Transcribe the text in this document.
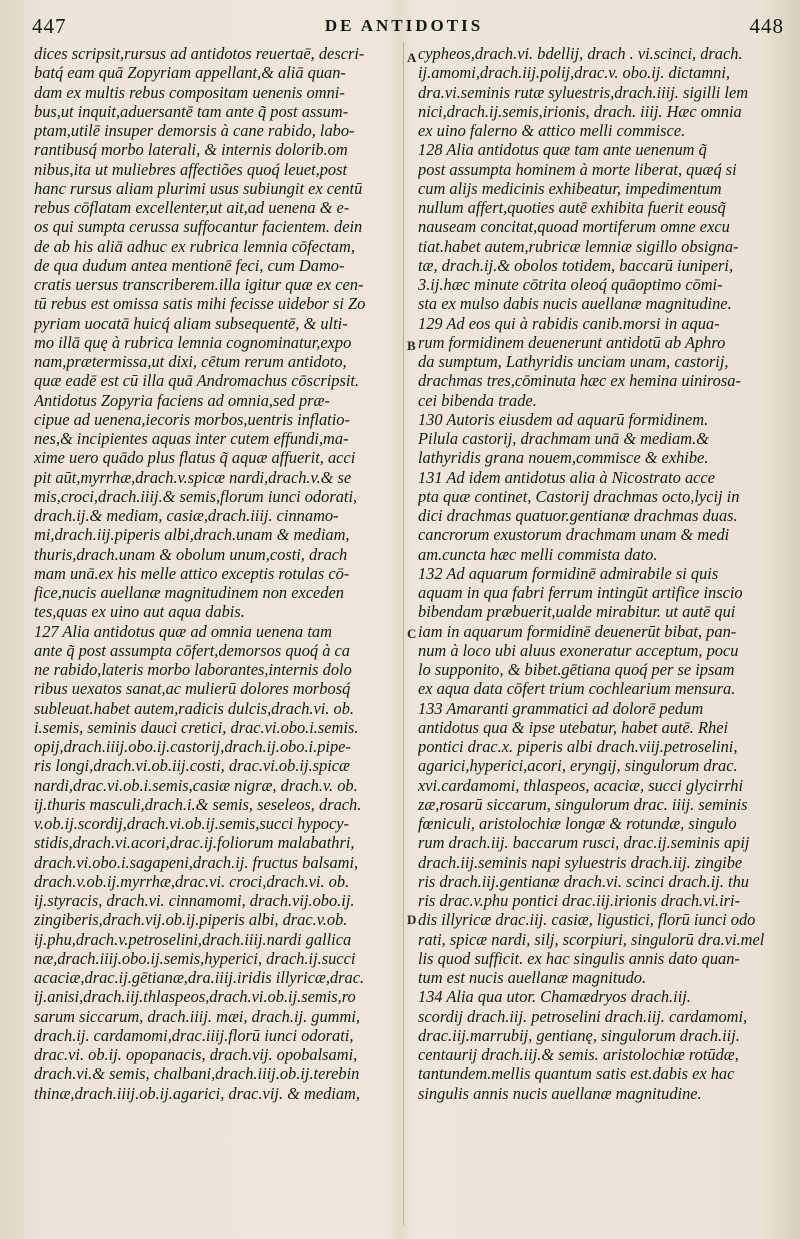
447	DE ANTIDOTIS	448
A
B
C
D
dices scripsit,rursus ad antidotos reuertaē, descri-
batq́ eam quā Zopyriam appellant,& aliā quan-
dam ex multis rebus compositam uenenis omni-
bus,ut inquit,aduersantē tam ante q̃ post assum-
ptam,utilē insuper demorsis à cane rabido, labo-
rantibusq́ morbo laterali, & internis dolorib.om
nibus,ita ut muliebres affectiões quoq́ leuet,post
hanc rursus aliam plurimi usus subiungit ex centū
rebus cōflatam excellenter,ut ait,ad uenena & e-
os qui sumpta cerussa suffocantur facientem. dein
de ab his aliā adhuc ex rubrica lemnia cōfectam,
de qua dudum antea mentionē feci, cum Damo-
cratis uersus transcriberem.illa igitur quæ ex cen-
tū rebus est omissa satis mihi fecisse uidebor si Zo
pyriam uocatā huicq́ aliam subsequentē, & ulti-
mo illā quę à rubrica lemnia cognominatur,expo
nam,prætermissa,ut dixi, cētum rerum antidoto,
quæ eadē est cū illa quā Andromachus cōscripsit.
Antidotus Zopyria faciens ad omnia,sed præ-
cipue ad uenena,iecoris morbos,uentris inflatio-
nes,& incipientes aquas inter cutem effundi,ma-
xime uero quādo plus flatus q̃ aquæ affuerit, acci
pit aūt,myrrhæ,drach.v.spicæ nardi,drach.v.& se
mis,croci,drach.iiij.& semis,florum iunci odorati,
drach.ij.& mediam, casiæ,drach.iiij. cinnamo-
mi,drach.iij.piperis albi,drach.unam & mediam,
thuris,drach.unam & obolum unum,costi, drach
mam unā.ex his melle attico exceptis rotulas cō-
fice,nucis auellanæ magnitudinem non exceden
tes,quas ex uino aut aqua dabis.
127 Alia antidotus quæ ad omnia uenena tam
ante q̃ post assumpta cōfert,demorsos quoq́ à ca
ne rabido,lateris morbo laborantes,internis dolo
ribus uexatos sanat,ac mulierū dolores morbosq́
subleuat.habet autem,radicis dulcis,drach.vi. ob.
i.semis, seminis dauci cretici, drac.vi.obo.i.semis.
opij,drach.iiij.obo.ij.castorij,drach.ij.obo.i.pipe-
ris longi,drach.vi.ob.iij.costi, drac.vi.ob.ij.spicæ
nardi,drac.vi.ob.i.semis,casiæ nigræ, drach.v. ob.
ij.thuris masculi,drach.i.& semis, seseleos, drach.
v.ob.ij.scordij,drach.vi.ob.ij.semis,succi hypocy-
stidis,drach.vi.acori,drac.ij.foliorum malabathri,
drach.vi.obo.i.sagapeni,drach.ij. fructus balsami,
drach.v.ob.ij.myrrhæ,drac.vi. croci,drach.vi. ob.
ij.styracis, drach.vi. cinnamomi, drach.vij.obo.ij.
zingiberis,drach.vij.ob.ij.piperis albi, drac.v.ob.
ij.phu,drach.v.petroselini,drach.iiij.nardi gallica
næ,drach.iiij.obo.ij.semis,hyperici, drach.ij.succi
acaciæ,drac.ij.gētianæ,dra.iiij.iridis illyricæ,drac.
ij.anisi,drach.iij.thlaspeos,drach.vi.ob.ij.semis,ro
sarum siccarum, drach.iiij. mæi, drach.ij. gummi,
drach.ij. cardamomi,drac.iiij.florū iunci odorati,
drac.vi. ob.ij. opopanacis, drach.vij. opobalsami,
drach.vi.& semis, chalbani,drach.iiij.ob.ij.terebin
thinæ,drach.iiij.ob.ij.agarici, drac.vij. & mediam,
cypheos,drach.vi. bdellij, drach . vi.scinci, drach.
ij.amomi,drach.iij.polij,drac.v. obo.ij. dictamni,
dra.vi.seminis rutæ syluestris,drach.iiij. sigilli lem
nici,drach.ij.semis,irionis, drach. iiij. Hæc omnia
ex uino falerno & attico melli commisce.
128 Alia antidotus quæ tam ante uenenum q̃
post assumpta hominem à morte liberat, quæq́ si
cum alijs medicinis exhibeatur, impedimentum
nullum affert,quoties autē exhibita fuerit eousq̃
nauseam concitat,quoad mortiferum omne excu
tiat.habet autem,rubricæ lemniæ sigillo obsigna-
tæ, drach.ij.& obolos totidem, baccarū iuniperi,
3.ij.hæc minute cōtrita oleoq́ quāoptimo cōmi-
sta ex mulso dabis nucis auellanæ magnitudine.
129 Ad eos qui à rabidis canib.morsi in aqua-
rum formidinem deuenerunt antidotū ab Aphro
da sumptum, Lathyridis unciam unam, castorij,
drachmas tres,cōminuta hæc ex hemina uinirosa-
cei bibenda trade.
130 Autoris eiusdem ad aquarū formidinem.
Pilula castorij, drachmam unā & mediam.&
lathyridis grana nouem,commisce & exhibe.
131 Ad idem antidotus alia à Nicostrato acce
pta quæ continet, Castorij drachmas octo,lycij in
dici drachmas quatuor.gentianæ drachmas duas.
cancrorum exustorum drachmam unam & medi
am.cuncta hæc melli commista dato.
132 Ad aquarum formidinē admirabile si quis
aquam in qua fabri ferrum intingūt artifice inscio
bibendam præbuerit,ualde mirabitur. ut autē qui
iam in aquarum formidinē deuenerūt bibat, pan-
num à loco ubi aluus exoneratur acceptum, pocu
lo supponito, & bibet.gētiana quoq́ per se ipsam
ex aqua data cōfert trium cochlearium mensura.
133 Amaranti grammatici ad dolorē pedum
antidotus qua & ipse utebatur, habet autē. Rhei
pontici drac.x. piperis albi drach.viij.petroselini,
agarici,hyperici,acori, eryngij, singulorum drac.
xvi.cardamomi, thlaspeos, acaciæ, succi glycirrhi
zæ,rosarū siccarum, singulorum drac. iiij. seminis
fœniculi, aristolochiæ longæ & rotundæ, singulo
rum drach.iij. baccarum rusci, drac.ij.seminis apij
drach.iij.seminis napi syluestris drach.iij. zingibe
ris drach.iij.gentianæ drach.vi. scinci drach.ij. thu
ris drac.v.phu pontici drac.iij.irionis drach.vi.iri-
dis illyricæ drac.iij. casiæ, ligustici, florū iunci odo
rati, spicæ nardi, silj, scorpiuri, singulorū dra.vi.mel
lis quod sufficit. ex hac singulis annis dato quan-
tum est nucis auellanæ magnitudo.
134 Alia qua utor. Chamædryos drach.iij.
scordij drach.iij. petroselini drach.iij. cardamomi,
drac.iij.marrubij, gentianę, singulorum drach.iij.
centaurij drach.iij.& semis. aristolochiæ rotūdæ,
tantundem.mellis quantum satis est.dabis ex hac
singulis annis nucis auellanæ magnitudine.
